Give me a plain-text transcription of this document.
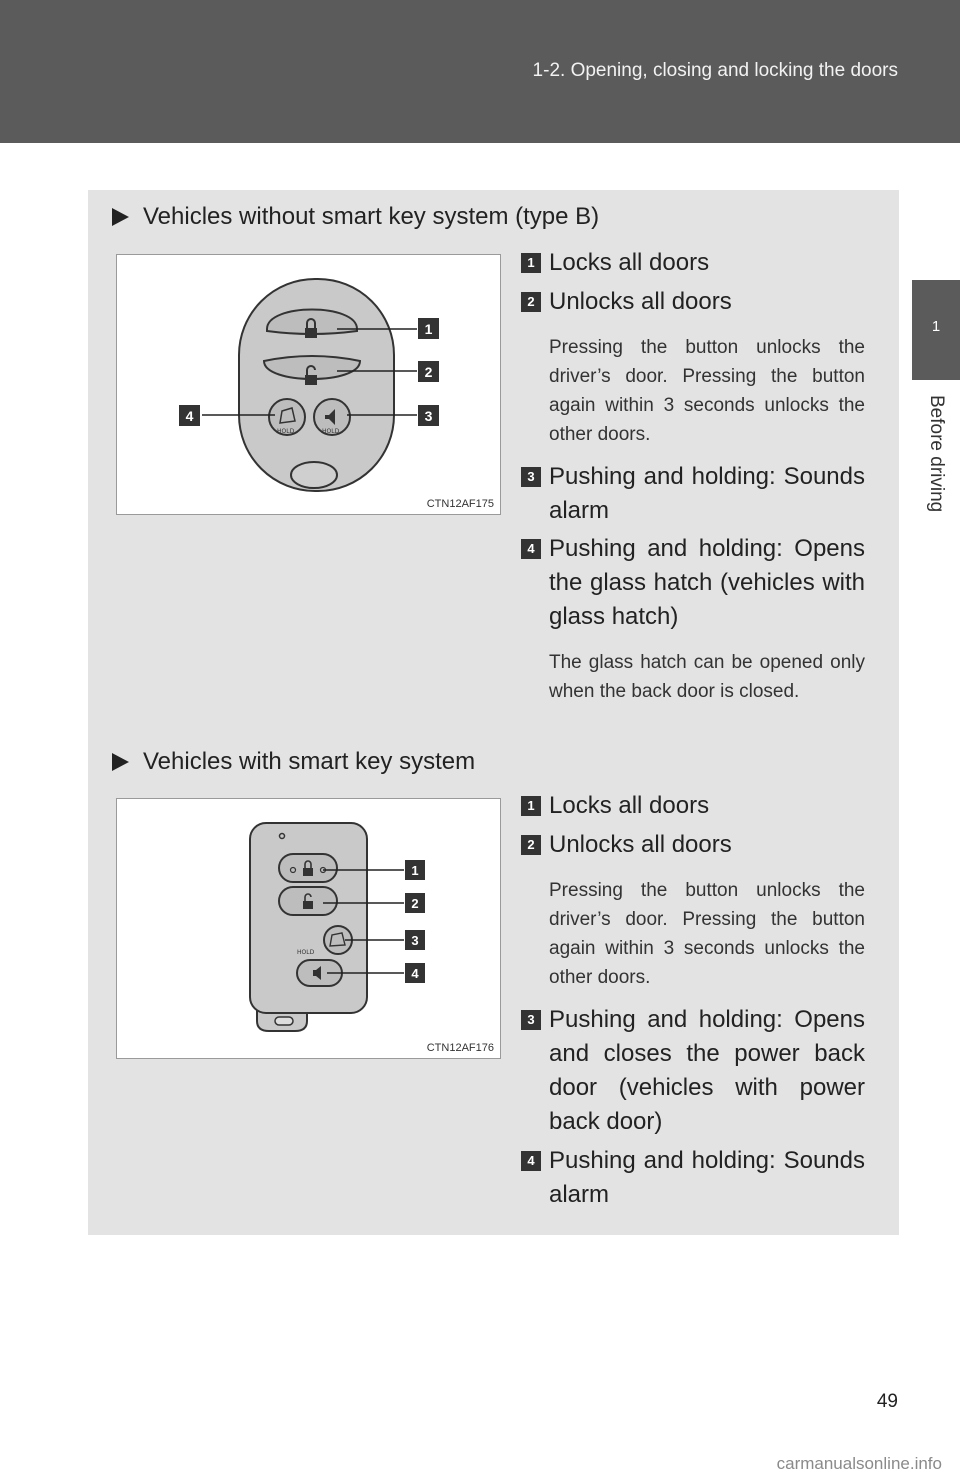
1-2. Opening, closing and locking the doors
1
Before driving
Vehicles without smart key system (type B)
HOLD	HOLD
1
2
3
4
CTN12AF175
1 Locks all doors
2 Unlocks all doors
Pressing the button unlocks the driver’s door. Pressing the button again within 3 seconds unlocks the other doors.
3 Pushing and holding: Sounds alarm
4 Pushing and holding: Opens the glass hatch (vehicles with glass hatch)
The glass hatch can be opened only when the back door is closed.
Vehicles with smart key system
HOLD
1
2
3
4
CTN12AF176
1 Locks all doors
2 Unlocks all doors
Pressing the button unlocks the driver’s door. Pressing the button again within 3 seconds unlocks the other doors.
3 Pushing and holding: Opens and closes the power back door (vehicles with power back door)
4 Pushing and holding: Sounds alarm
49
carmanualsonline.info
